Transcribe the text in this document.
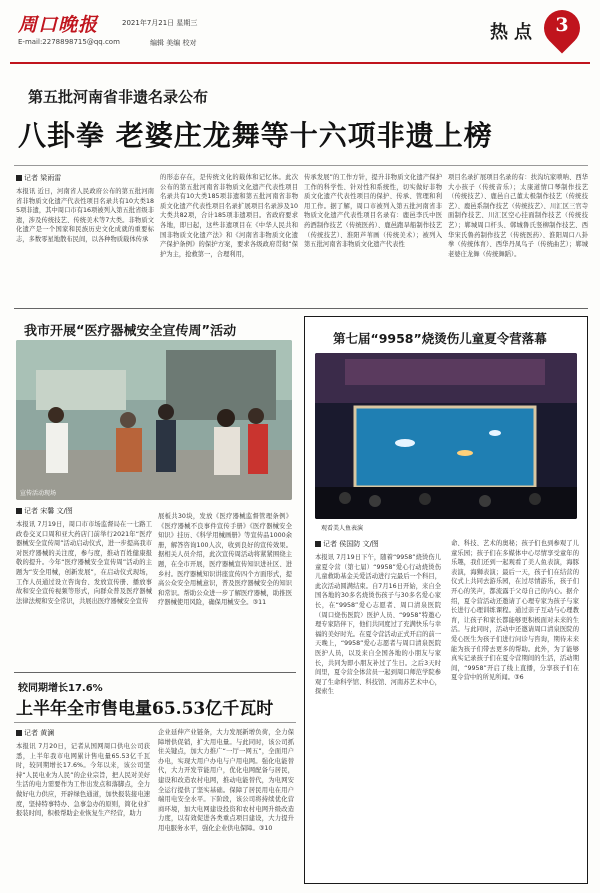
周口晚报
E-mail:2278898715@qq.com
2021年7月21日 星期三
编辑 美编 校对	热点 3
第五批河南省非遗名录公布
八卦拳 老婆庄龙舞等十六项非遗上榜
记者 梁雨雷
本报讯 近日，河南省人民政府公布的第五批河南省非物质文化遗产代表性项目名录共有10大类185项非遗，其中周口市有16项被列入第五批省级非遗，涉及传统技艺、传统美术等7大类。非物质文化遗产是一个国家和民族历史文化成就的重要标志，多数零星地散布民间，以各种物质载体传承
的形态存在，是传统文化的载体和记忆体。此次公布的第五批河南省非物质文化遗产代表性项目名录共有10大类185项非遗和第五批河南省非物质文化遗产代表性项目名录扩展项目名录涉及10大类共82项，合计185项非遗项目。省政府要求各地，即日起，这些非遗项目在《中华人民共和国非物质文化遗产法》和《河南省非物质文化遗产保护条例》的保护方案，要求各级政府贯彻“保护为主，抢救第一，合理利用，
传承发展”的工作方针，提升非物质文化遗产保护工作的科学性、针对性和系统性，切实做好非物质文化遗产代表性项目的保护、传承、管理和利用工作。据了解，周口市被列入第五批河南省非物质文化遗产代表性项目名录有：鹿邑李氏中医药酒制作技艺（传统医药）、鹿邑跑旱船制作技艺（传统技艺）、淮阳芦苇画（传统美术）；被列入第五批河南省非物质文化遗产代表性
项目名录扩展项目名录的有：扶沟坑家唢呐、西华大小孩子（传统音乐）；太康道情口琴制作技艺（传统技艺）、鹿邑自己董太极制作技艺（传统技艺）、鹿邑系制作技艺（传统技艺）、川汇区三官寺面制作技艺、川汇区空心挂面制作技艺（传统技艺）；郸城周口杆头、郸城鲁氏竖柳制作技艺、西华宋氏鲁药制作技艺（传统医药）、淮阳周口八卦拳（传统体育）、西华丹凤鸟子（传统曲艺）；郸城老婆庄龙舞（传统舞蹈）。
我市开展“医疗器械安全宣传周”活动
宣传活动现场
记者 宋馨 文/图
本报讯 7月19日，周口市市场监督局在一七路工政卷交叉口周和亚大药店门前举行2021年“医疗器械安全宣传周”活动启动仪式，进一步提高我市对医疗器械的关注度，参与度，推动百姓健康报敬的提升。今年“医疗器械安全宣传周”活动的主题为“安全用械，创新发展”，在启动仪式现场，工作人员通过设立咨询台、发放宣传册、播放事故和安全宣传视频等形式，向群众普及医疗器械法律法规和安全常识，共展出医疗器械安全宣传
展板共30块，发放《医疗器械监督管理条例》《医疗器械不良事件宣传手册》《医疗器械安全知识》挂历、《科学用械画册》等宣传品1000余册，解答咨询100人次，收到良好的宣传效果。据相关人员介绍，此次宣传周活动将紧紧围绕主题，在全市开展，医疗器械宣传知识进社区、进乡村。医疗器械知识讲座宣传四个方面形式，提高公众安全用械意识，普及医疗器械安全的知识和常识。帮助公众进一步了解医疗器械，助推医疗器械使用风险，确保用械安全。③11
第七届“9958”烧烫伤儿童夏令营落幕
观看美人鱼表演
记者 侯国防 文/图
本报讯 7月19日下午，随着“9958”烧烫伤儿童夏令营（第七届）“9958”爱心行动烧烫伤儿童救助基金关爱活动进行完最后一个科目，此次活动圆满结束。自7月16日开始，来自全国各地的30多名烧烫伤孩子与30多名爱心家长，在“9958”爱心志愿者、周口清泉医院（周口烧伤医院）医护人员、“9958”特邀心理专家陪伴下，他们共同度过了充满快乐与幸福的美好时光。在夏令营活动正式开启的前一天晚上，“9958”爱心志愿者与周口清泉医院医护人员，以及来自全国各地的小朋友与家长，共同为即小朋友补过了生日。之后3天时间里，夏令营全体营员一起到周口师范学院参观了生命科学馆、科技馆、河南苏艺术中心，探索生
命、科技、艺术的奥秘；孩子们也到参观了儿童乐园；孩子们在多媒体中心尽情享受童年的乐趣，我们还到一起观看了美人鱼表演，海豚表演，海狮表演；最后一天，孩子们在结营的仪式上共同去游乐园，在过尽情游乐，孩子们开心的笑声，都流露于父母自己的内心。据介绍，夏令营活动还邀请了心理专家为孩子与家长进行心理训练课程。通过亲子互动与心理教育，让孩子和家长都能够更积极面对未来的生活。与此同时，活动中还邀请周口清泉医院的爱心医生为孩子们进行问诊与咨询，期待未来能为孩子们带去更多的帮助。此外，为了能够真实记录孩子们在夏令营期间的生活，活动期间，“9958”开启了线上直播，分享孩子们在夏令营中的所见所闻。③6
较同期增长17.6%
上半年全市售电量65.53亿千瓦时
记者 黄澜
本报讯 7月20日，记者从国网周口供电公司获悉，上半年我市电网累计售电量65.53亿千瓦时，较同期增长17.6%。今年以来，该公司坚持“人民电业为人民”的企业宗旨，把人民对美好生活的电力需要作为工作出发点和落脚点，全力做好电力供应，开辟绿色通道，加快报装接电速度，坚持特事特办、急事急办的原则，简化业扩报装时间，积极帮助企业恢复生产经营，助力
企业延伸产业链条，大力发展新增负荷，全力保障增供促销，扩大用电量。与此同时，该公司抓住关键点，加大力推广“一厅一网五”，全面用户办电，实现大用户办电与户用电网。强化电能替代，大力开发节能用户，优化电网配备与居民，建设和改造农村电网，推动电能替代，为电网安全运行提供了坚实基础。保障了居民用电在用户端用电安全水平。下阶段，该公司将持续优化营商环境，加大电网建设投资和农村电网升级改造力度，以有效促进各类重点项目建设，大力提升用电服务水平，强化企业供电保障。③10
